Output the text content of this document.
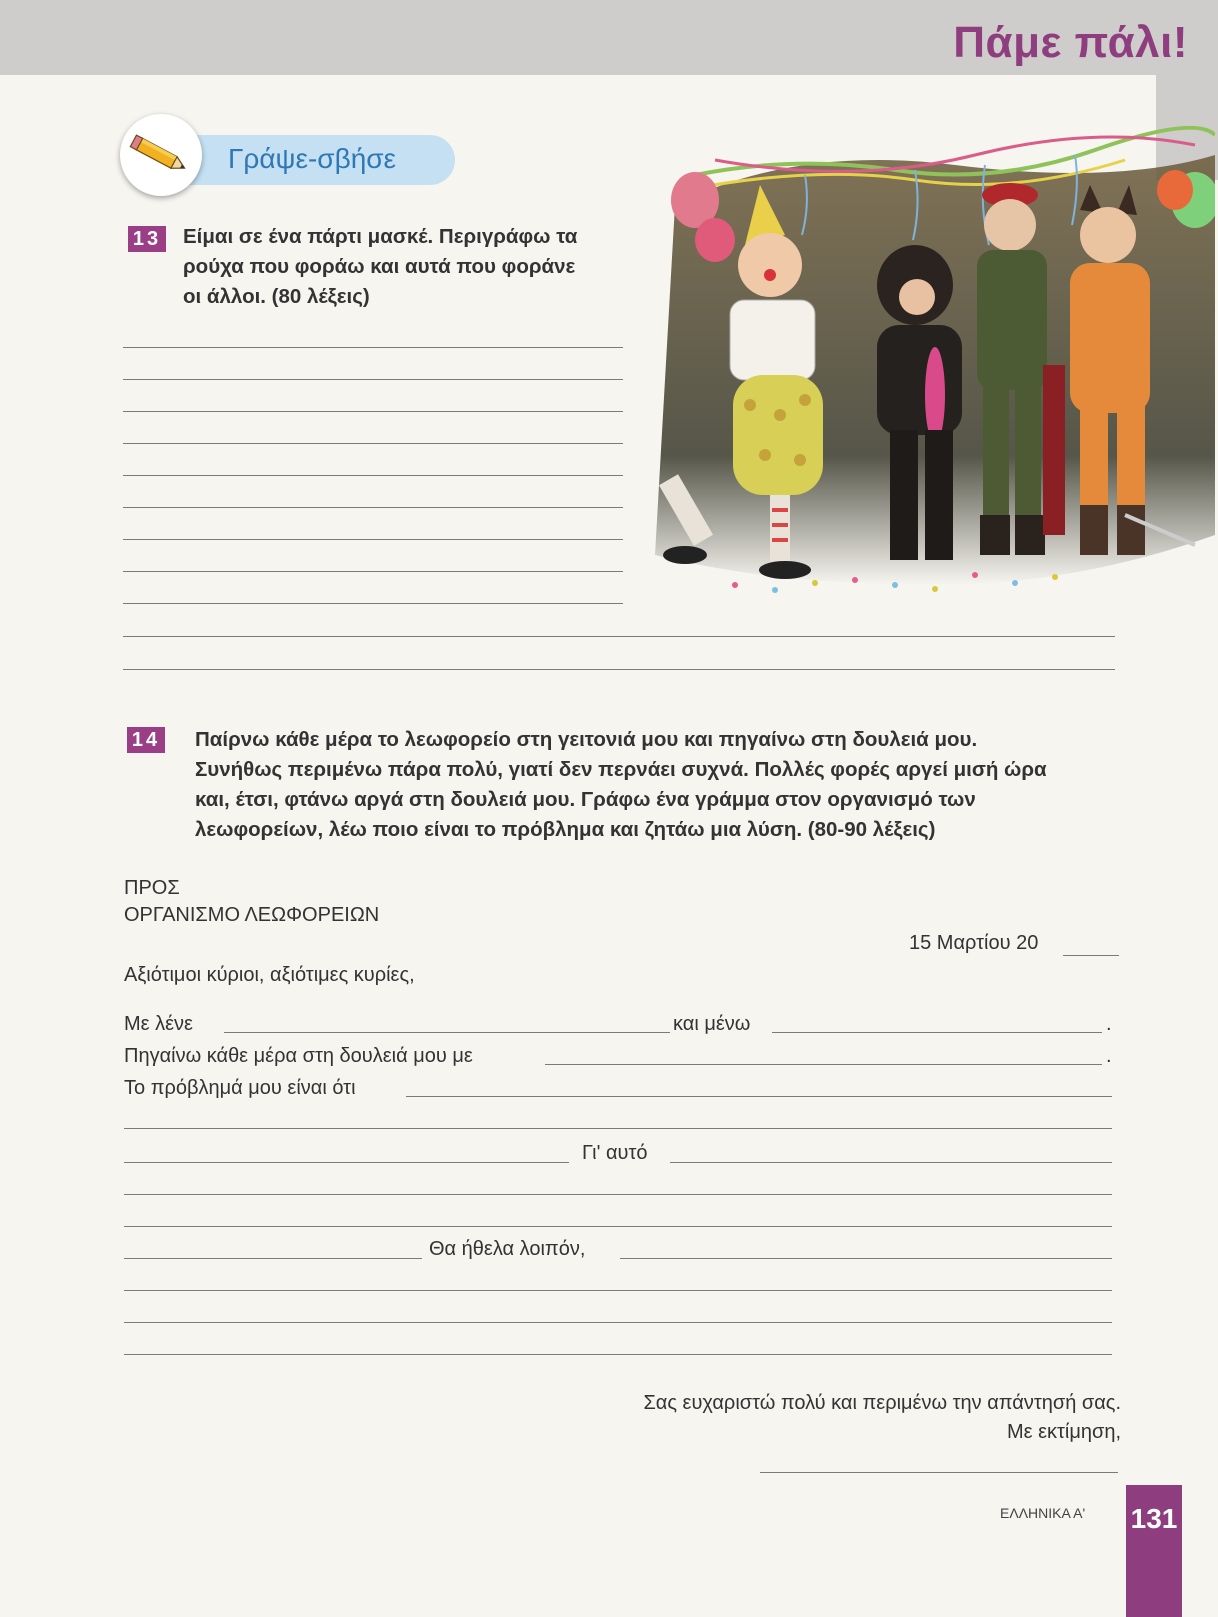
Πάμε πάλι!
Γράψε-σβήσε
13 Είμαι σε ένα πάρτι μασκέ. Περιγράφω τα
ρούχα που φοράω και αυτά που φοράνε
οι άλλοι. (80 λέξεις)
14 Παίρνω κάθε μέρα το λεωφορείο στη γειτονιά μου και πηγαίνω στη δουλειά μου.
Συνήθως περιμένω πάρα πολύ, γιατί δεν περνάει συχνά. Πολλές φορές αργεί μισή ώρα
και, έτσι, φτάνω αργά στη δουλειά μου. Γράφω ένα γράμμα στον οργανισμό των
λεωφορείων, λέω ποιο είναι το πρόβλημα και ζητάω μια λύση. (80-90 λέξεις)
ΠΡΟΣ
ΟΡΓΑΝΙΣΜΟ ΛΕΩΦΟΡΕΙΩΝ
15 Μαρτίου 20
Αξιότιμοι κύριοι, αξιότιμες κυρίες,
Με λένε	και μένω	.
Πηγαίνω κάθε μέρα στη δουλειά μου με	.
Το πρόβλημά μου είναι ότι
Γι' αυτό
Θα ήθελα λοιπόν,
Σας ευχαριστώ πολύ και περιμένω την απάντησή σας.
Με εκτίμηση,
ΕΛΛΗΝΙΚΑ Α' 131
